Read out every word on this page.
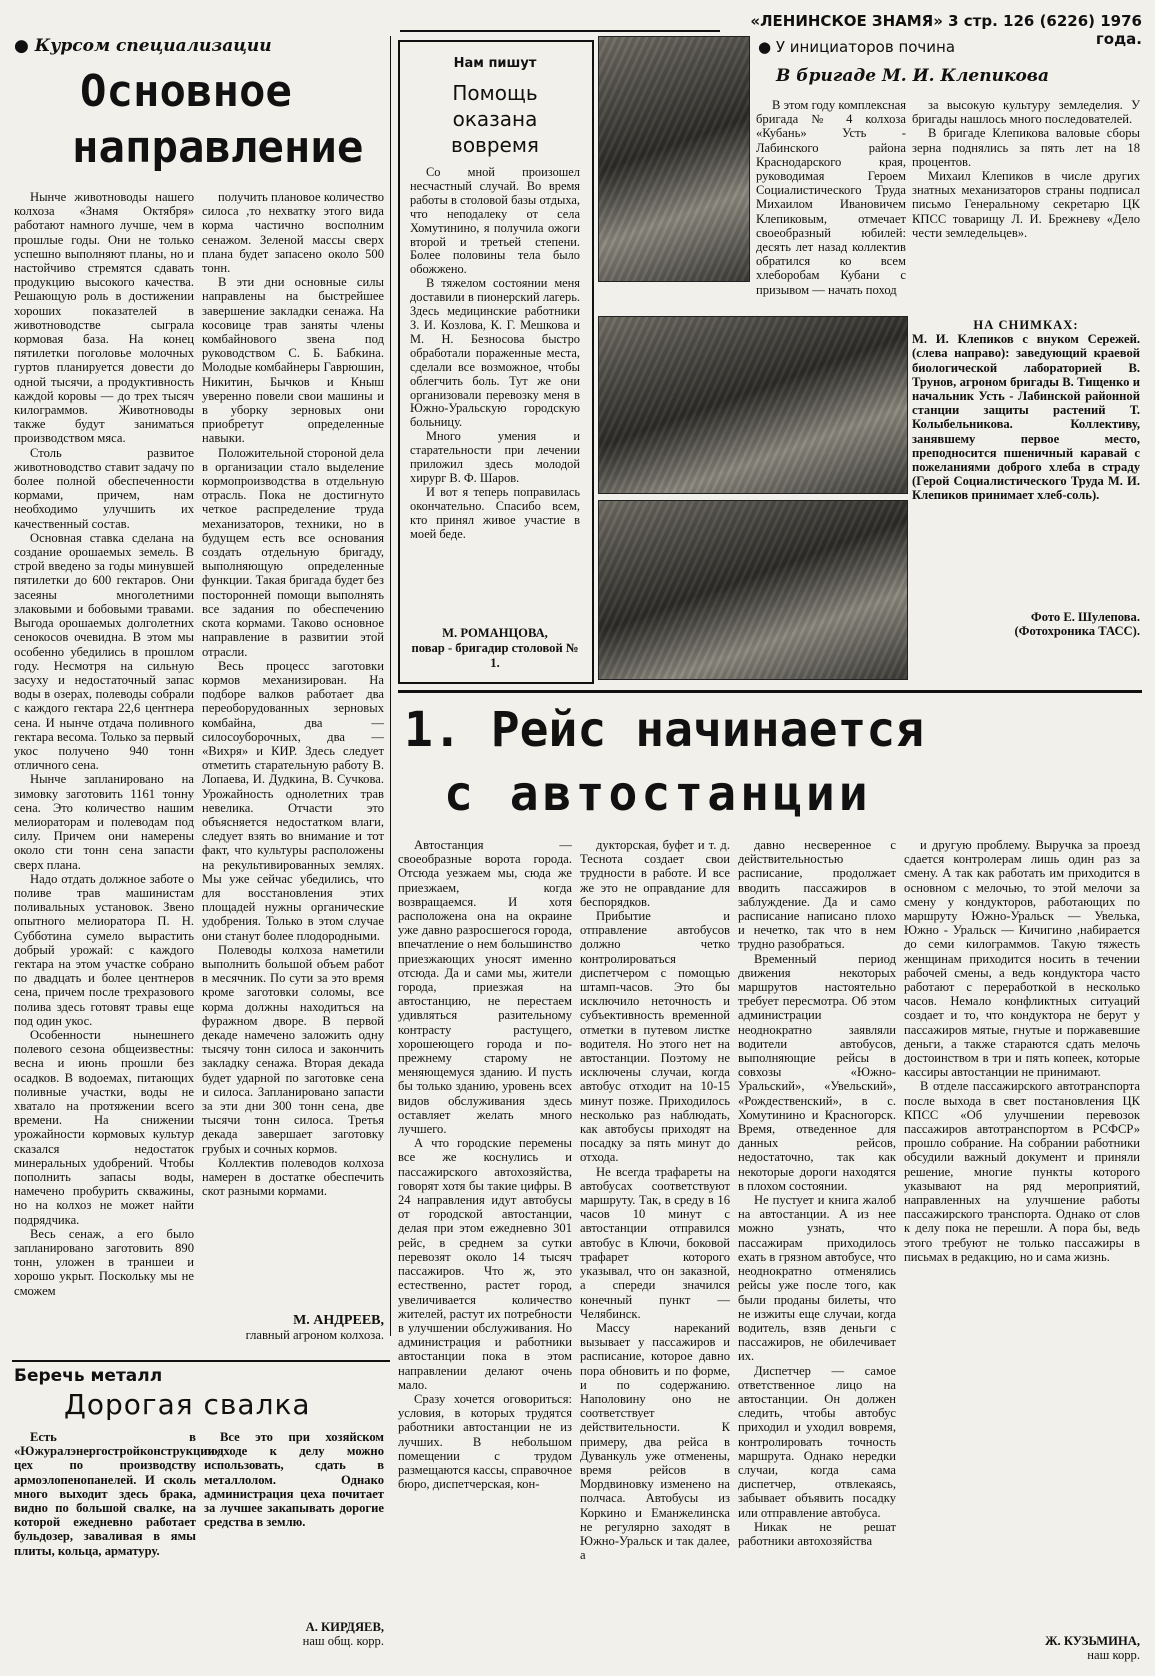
«ЛЕНИНСКОЕ ЗНАМЯ» 3 стр. 126 (6226) 1976 года.
● Курсом специализации
Основное
направление

Нынче животноводы нашего колхоза «Знамя Октября» работают намного лучше, чем в прошлые годы. Они не только успешно выполняют планы, но и настойчиво стремятся сдавать продукцию высокого качества. Решающую роль в достижении хороших показателей в животноводстве сыграла кормовая база. На конец пятилетки поголовье молочных гуртов планируется довести до одной тысячи, а продуктивность каждой коровы — до трех тысяч килограммов. Животноводы также будут заниматься производством мяса.

Столь развитое животноводство ставит задачу по более полной обеспеченности кормами, причем, нам необходимо улучшить их качественный состав.

Основная ставка сделана на создание орошаемых земель. В строй введено за годы минувшей пятилетки до 600 гектаров. Они засеяны многолетними злаковыми и бобовыми травами. Выгода орошаемых долголетних сенокосов очевидна. В этом мы особенно убедились в прошлом году. Несмотря на сильную засуху и недостаточный запас воды в озерах, полеводы собрали с каждого гектара 22,6 центнера сена. И нынче отдача поливного гектара весома. Только за первый укос получено 940 тонн отличного сена.

Нынче запланировано на зимовку заготовить 1161 тонну сена. Это количество нашим мелиораторам и полеводам под силу. Причем они намерены около сти тонн сена запасти сверх плана.

Надо отдать должное заботе о поливе трав машинистам поливальных установок. Звено опытного мелиоратора П. Н. Субботина сумело вырастить добрый урожай: с каждого гектара на этом участке собрано по двадцать и более центнеров сена, причем после трехразового полива здесь готовят травы еще под один укос.

Особенности нынешнего полевого сезона общеизвестны: весна и июнь прошли без осадков. В водоемах, питающих поливные участки, воды не хватало на протяжении всего времени. На снижении урожайности кормовых культур сказался недостаток минеральных удобрений. Чтобы пополнить запасы воды, намечено пробурить скважины, но на колхоз не может найти подрядчика.

Весь сенаж, а его было запланировано заготовить 890 тонн, уложен в траншеи и хорошо укрыт. Поскольку мы не сможем

получить плановое количество силоса ,то нехватку этого вида корма частично восполним сенажом. Зеленой массы сверх плана будет запасено около 500 тонн.

В эти дни основные силы направлены на быстрейшее завершение закладки сенажа. На косовице трав заняты члены комбайнового звена под руководством С. Б. Бабкина. Молодые комбайнеры Гаврюшин, Никитин, Бычков и Кныш уверенно повели свои машины и в уборку зерновых они приобретут определенные навыки.

Положительной стороной дела в организации стало выделение кормопроизводства в отдельную отрасль. Пока не достигнуто четкое распределение труда механизаторов, техники, но в будущем есть все основания создать отдельную бригаду, выполняющую определенные функции. Такая бригада будет без посторонней помощи выполнять все задания по обеспечению скота кормами. Таково основное направление в развитии этой отрасли.

Весь процесс заготовки кормов механизирован. На подборе валков работает два переоборудованных зерновых комбайна, два — силосоуборочных, два — «Вихря» и КИР. Здесь следует отметить старательную работу В. Лопаева, И. Дудкина, В. Сучкова. Урожайность однолетних трав невелика. Отчасти это объясняется недостатком влаги, следует взять во внимание и тот факт, что культуры расположены на рекультивированных землях. Мы уже сейчас убедились, что для восстановления этих площадей нужны органические удобрения. Только в этом случае они станут более плодородными.

Полеводы колхоза наметили выполнить большой объем работ в месячник. По сути за это время кроме заготовки соломы, все корма должны находиться на фуражном дворе. В первой декаде намечено заложить одну тысячу тонн силоса и закончить закладку сенажа. Вторая декада будет ударной по заготовке сена и силоса. Запланировано запасти за эти дни 300 тонн сена, две тысячи тонн силоса. Третья декада завершает заготовку грубых и сочных кормов.

Коллектив полеводов колхоза намерен в достатке обеспечить скот разными кормами.

М. АНДРЕЕВ,
главный агроном колхоза.
Беречь металл
Дорогая свалка

Есть в «Южуралэнергостройконструкции» цех по производству армоэлопенопанелей. И сколь много выходит здесь брака, видно по большой свалке, на которой ежедневно работает бульдозер, заваливая в ямы плиты, кольца, арматуру.

Все это при хозяйском подходе к делу можно использовать, сдать в металлолом. Однако администрация цеха почитает за лучшее закапывать дорогие средства в землю.

А. КИРДЯЕВ,
наш общ. корр.
Нам пишут
Помощь
оказана
вовремя

Со мной произошел несчастный случай. Во время работы в столовой базы отдыха, что неподалеку от села Хомутинино, я получила ожоги второй и третьей степени. Более половины тела было обожжено.

В тяжелом состоянии меня доставили в пионерский лагерь. Здесь медицинские работники З. И. Козлова, К. Г. Мешкова и М. Н. Безносова быстро обработали пораженные места, сделали все возможное, чтобы облегчить боль. Тут же они организовали перевозку меня в Южно-Уральскую городскую больницу.

Много умения и старательности при лечении приложил здесь молодой хирург В. Ф. Шаров.

И вот я теперь поправилась окончательно. Спасибо всем, кто принял живое участие в моей беде.

М. РОМАНЦОВА,
повар - бригадир столовой № 1.
● У инициаторов почина
В бригаде М. И. Клепикова

В этом году комплексная бригада № 4 колхоза «Кубань» Усть - Лабинского района Краснодарского края, руководимая Героем Социалистического Труда Михаилом Ивановичем Клепиковым, отмечает своеобразный юбилей: десять лет назад коллектив обратился ко всем хлеборобам Кубани с призывом — начать поход

за высокую культуру земледелия. У бригады нашлось много последователей.

В бригаде Клепикова валовые сборы зерна поднялись за пять лет на 18 процентов.

Михаил Клепиков в числе других знатных механизаторов страны подписал письмо Генеральному секретарю ЦК КПСС товарищу Л. И. Брежневу «Дело чести земледельцев».

НА СНИМКАХ:

М. И. Клепиков с внуком Сережей. (слева направо): заведующий краевой биологической лабораторией В. Трунов, агроном бригады В. Тищенко и начальник Усть - Лабинской районной станции защиты растений Т. Колыбельникова. Коллективу, занявшему первое место, преподносится пшеничный каравай с пожеланиями доброго хлеба в страду (Герой Социалистического Труда М. И. Клепиков принимает хлеб-соль).

Фото Е. Шулепова.
(Фотохроника ТАСС).
1. Рейс начинается
с автостанции

Автостанция — своеобразные ворота города. Отсюда уезжаем мы, сюда же приезжаем, когда возвращаемся. И хотя расположена она на окраине уже давно разросшегося города, впечатление о нем большинство приезжающих уносят именно отсюда. Да и сами мы, жители города, приезжая на автостанцию, не перестаем удивляться разительному контрасту растущего, хорошеющего города и по-прежнему старому не меняющемуся зданию. И пусть бы только зданию, уровень всех видов обслуживания здесь оставляет желать много лучшего.

А что городские перемены все же коснулись и пассажирского автохозяйства, говорят хотя бы такие цифры. В 24 направления идут автобусы от городской автостанции, делая при этом ежедневно 301 рейс, в среднем за сутки перевозят около 14 тысяч пассажиров. Что ж, это естественно, растет город, увеличивается количество жителей, растут их потребности в улучшении обслуживания. Но администрация и работники автостанции пока в этом направлении делают очень мало.

Сразу хочется оговориться: условия, в которых трудятся работники автостанции не из лучших. В небольшом помещении с трудом размещаются кассы, справочное бюро, диспетчерская, кон-

дукторская, буфет и т. д. Теснота создает свои трудности в работе. И все же это не оправдание для беспорядков.

Прибытие и отправление автобусов должно четко контролироваться диспетчером с помощью штамп-часов. Это бы исключило неточность и субъективность временной отметки в путевом листке водителя. Но этого нет на автостанции. Поэтому не исключены случаи, когда автобус отходит на 10-15 минут позже. Приходилось несколько раз наблюдать, как автобусы приходят на посадку за пять минут до отхода.

Не всегда трафареты на автобусах соответствуют маршруту. Так, в среду в 16 часов 10 минут с автостанции отправился автобус в Ключи, боковой трафарет которого указывал, что он заказной, а спереди значился конечный пункт — Челябинск.

Массу нареканий вызывает у пассажиров и расписание, которое давно пора обновить и по форме, и по содержанию. Наполовину оно не соответствует действительности. К примеру, два рейса в Дуванкуль уже отменены, время рейсов в Мордвиновку изменено на полчаса. Автобусы из Коркино и Еманжелинска не регулярно заходят в Южно-Уральск и так далее, а

давно несверенное с действительностью расписание, продолжает вводить пассажиров в заблуждение. Да и само расписание написано плохо и нечетко, так что в нем трудно разобраться.

Временный период движения некоторых маршрутов настоятельно требует пересмотра. Об этом администрации неоднократно заявляли водители автобусов, выполняющие рейсы в совхозы «Южно-Уральский», «Увельский», «Рождественский», в с. Хомутинино и Красногорск. Время, отведенное для данных рейсов, недостаточно, так как некоторые дороги находятся в плохом состоянии.

Не пустует и книга жалоб на автостанции. А из нее можно узнать, что пассажирам приходилось ехать в грязном автобусе, что неоднократно отменялись рейсы уже после того, как были проданы билеты, что не изжиты еще случаи, когда водитель, взяв деньги с пассажиров, не обилечивает их.

Диспетчер — самое ответственное лицо на автостанции. Он должен следить, чтобы автобус приходил и уходил вовремя, контролировать точность маршрута. Однако нередки случаи, когда сама диспетчер, отвлекаясь, забывает объявить посадку или отправление автобуса.

Никак не решат работники автохозяйства

и другую проблему. Выручка за проезд сдается контролерам лишь один раз за смену. А так как работать им приходится в основном с мелочью, то этой мелочи за смену у кондукторов, работающих по маршруту Южно-Уральск — Увелька, Южно - Уральск — Кичигино ,набирается до семи килограммов. Такую тяжесть женщинам приходится носить в течении рабочей смены, а ведь кондуктора часто работают с переработкой в несколько часов. Немало конфликтных ситуаций создает и то, что кондуктора не берут у пассажиров мятые, гнутые и поржавевшие деньги, а также стараются сдать мелочь достоинством в три и пять копеек, которые кассиры автостанции не принимают.

В отделе пассажирского автотранспорта после выхода в свет постановления ЦК КПСС «Об улучшении перевозок пассажиров автотранспортом в РСФСР» прошло собрание. На собрании работники обсудили важный документ и приняли решение, многие пункты которого указывают на ряд мероприятий, направленных на улучшение работы пассажирского транспорта. Однако от слов к делу пока не перешли. А пора бы, ведь этого требуют не только пассажиры в письмах в редакцию, но и сама жизнь.

Ж. КУЗЬМИНА,
наш корр.
